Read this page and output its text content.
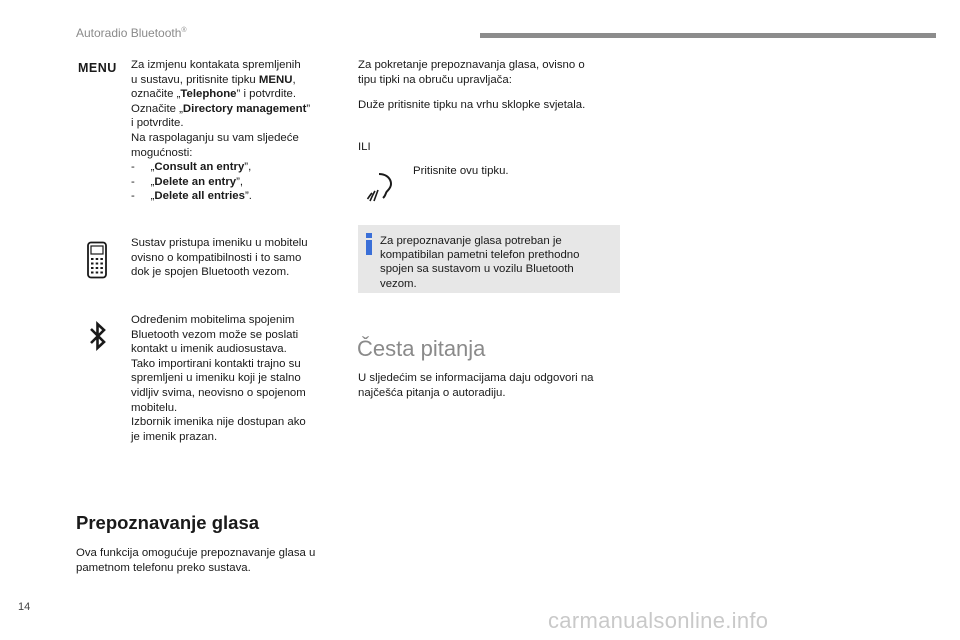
Autoradio Bluetooth®
MENU Za izmjenu kontakata spremljenih
u sustavu, pritisnite tipku MENU,
označite „Telephone” i potvrdite.
Označite „Directory management”
i potvrdite.
Na raspolaganju su vam sljedeće
mogućnosti:
-     „Consult an entry”,
-     „Delete an entry”,
-     „Delete all entries”.

Sustav pristupa imeniku u mobitelu
ovisno o kompatibilnosti i to samo
dok je spojen Bluetooth vezom.

Određenim mobitelima spojenim
Bluetooth vezom može se poslati
kontakt u imenik audiosustava.
Tako importirani kontakti trajno su
spremljeni u imeniku koji je stalno
vidljiv svima, neovisno o spojenom
mobitelu.
Izbornik imenika nije dostupan ako
je imenik prazan.

Prepoznavanje glasa

Ova funkcija omogućuje prepoznavanje glasa u
pametnom telefonu preko sustava.

Za pokretanje prepoznavanja glasa, ovisno o
tipu tipki na obruču upravljača:

Duže pritisnite tipku na vrhu sklopke svjetala.

ILI

Pritisnite ovu tipku.

Za prepoznavanje glasa potreban je
kompatibilan pametni telefon prethodno
spojen sa sustavom u vozilu Bluetooth
vezom.

Česta pitanja

U sljedećim se informacijama daju odgovori na
najčešća pitanja o autoradiju.

14
carmanualsonline.info
